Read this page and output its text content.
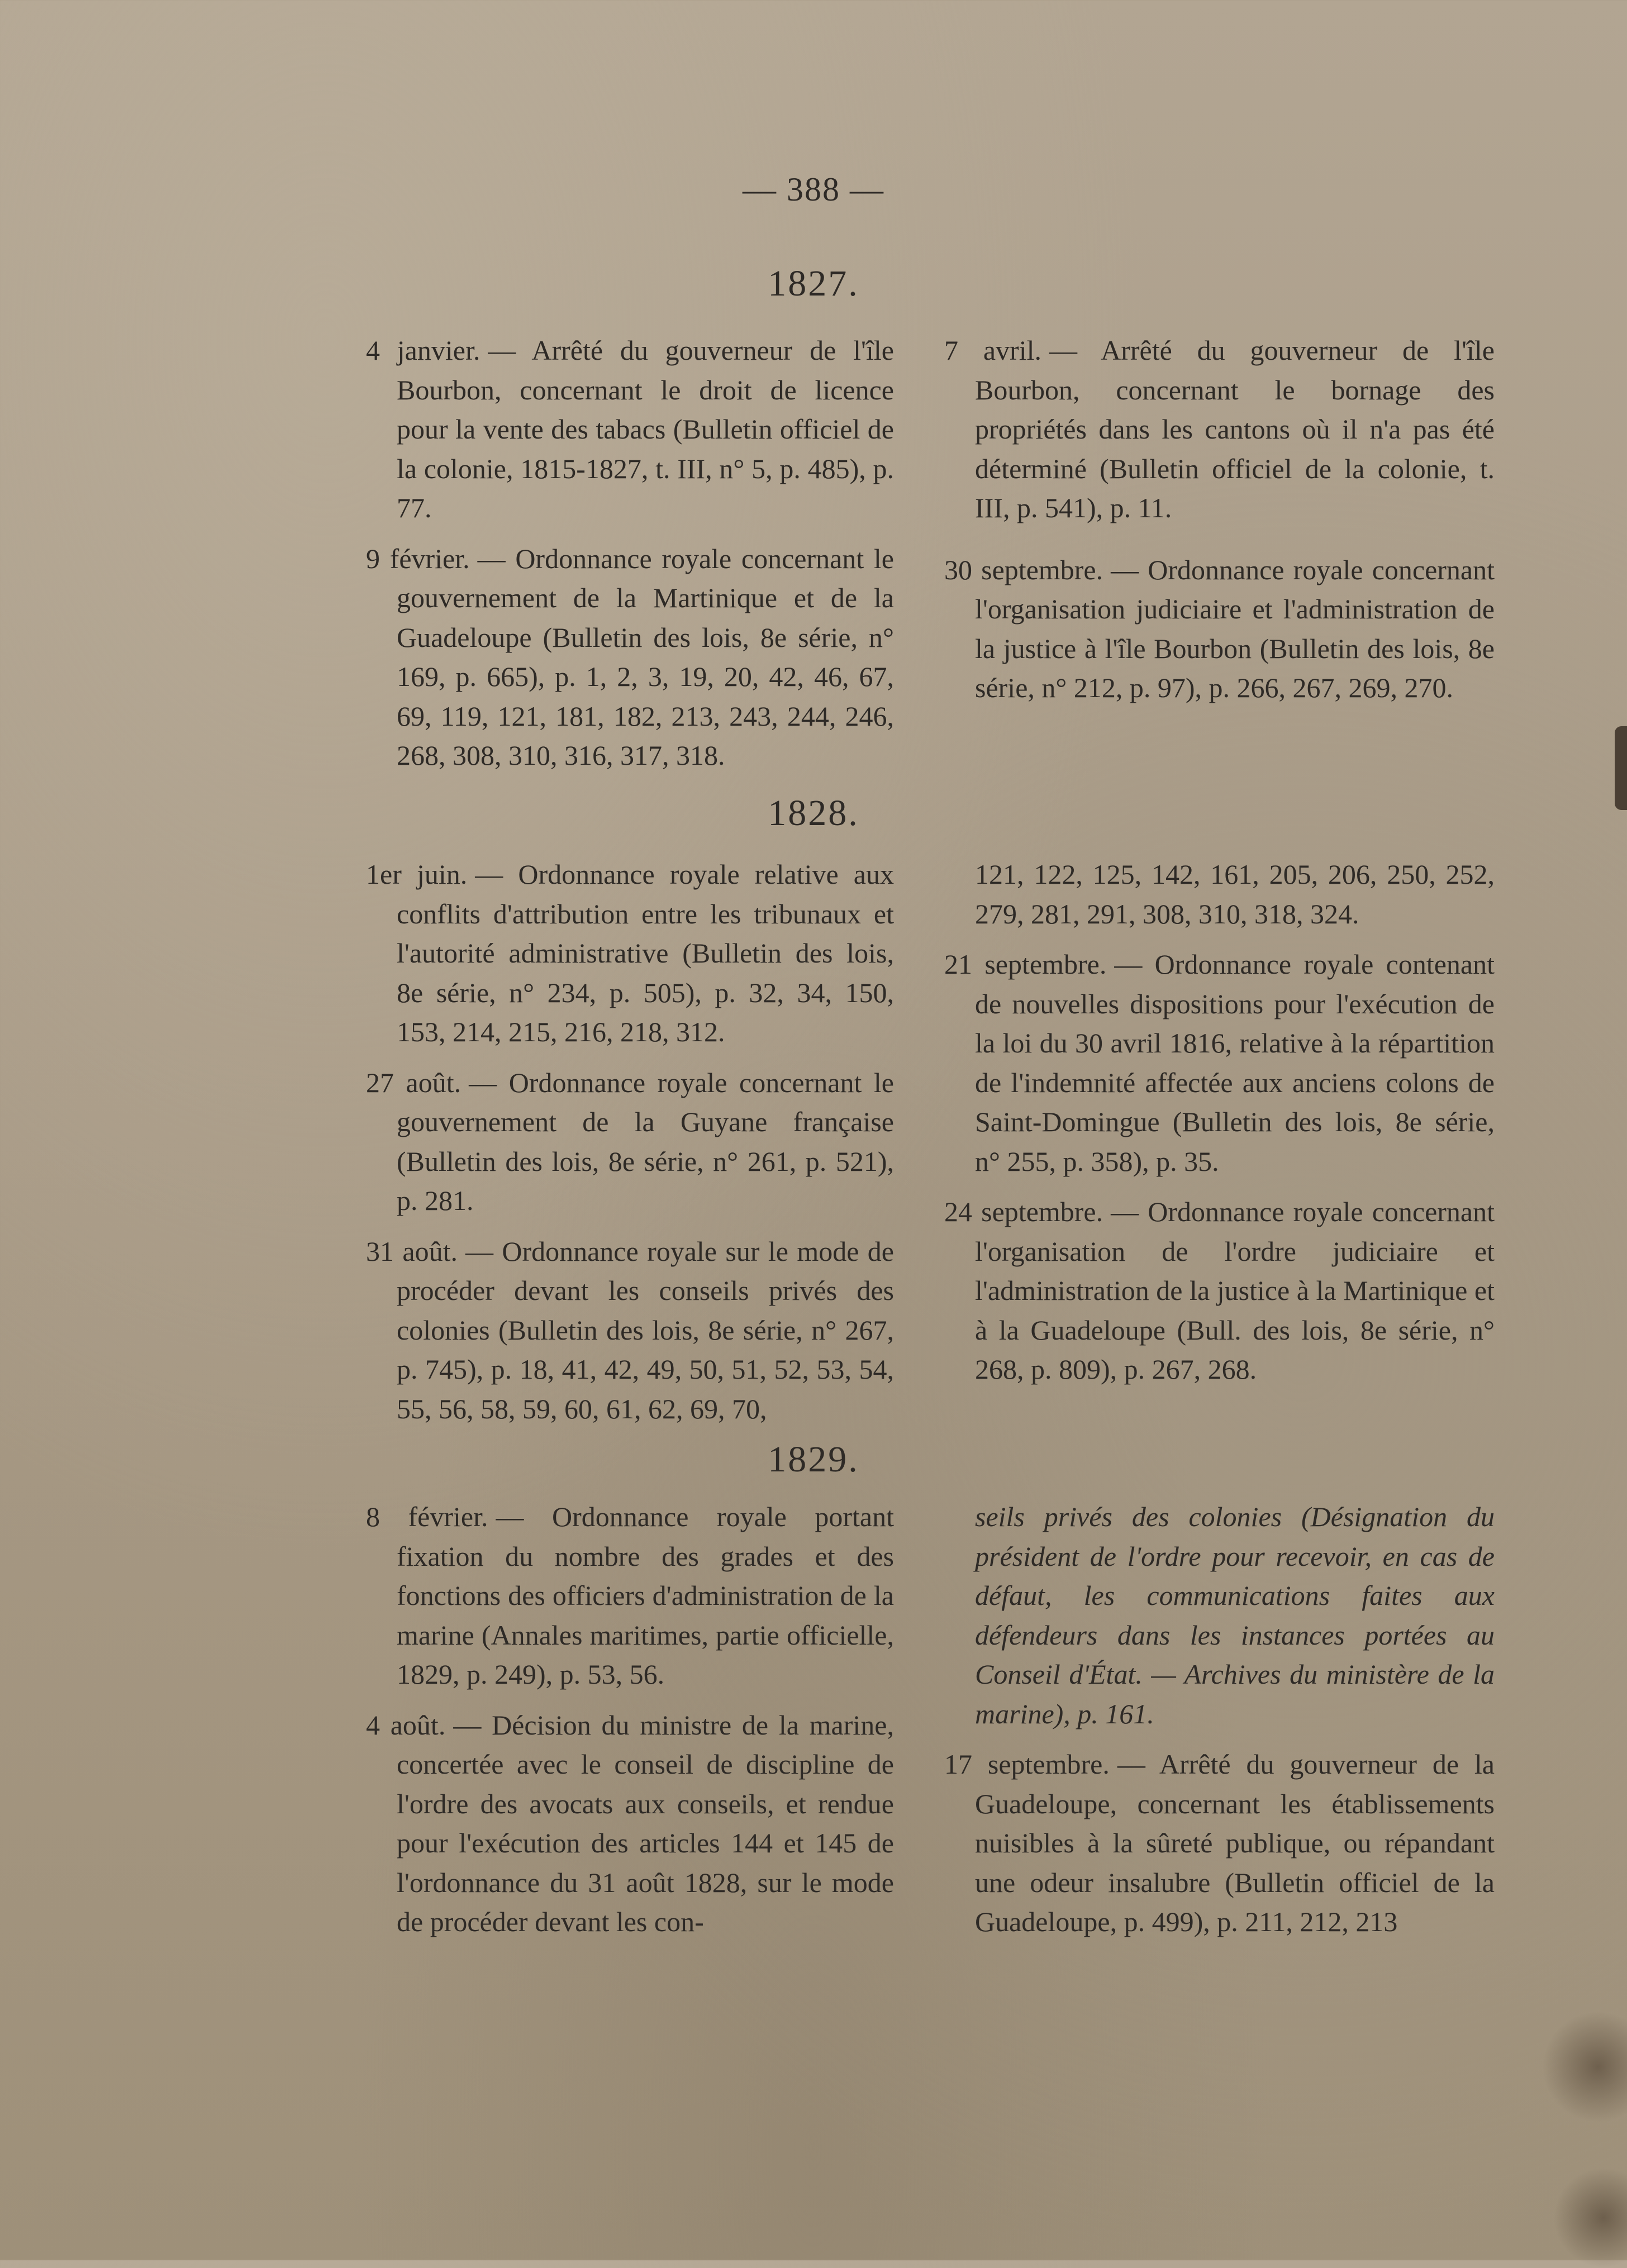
— 388 —
1827.

4 janvier. — Arrêté du gouverneur de l'île Bourbon, concernant le droit de licence pour la vente des tabacs (Bulletin officiel de la colonie, 1815-1827, t. III, n° 5, p. 485), p. 77.

9 février. — Ordonnance royale concernant le gouvernement de la Martinique et de la Guadeloupe (Bulletin des lois, 8e série, n° 169, p. 665), p. 1, 2, 3, 19, 20, 42, 46, 67, 69, 119, 121, 181, 182, 213, 243, 244, 246, 268, 308, 310, 316, 317, 318.

7 avril. — Arrêté du gouverneur de l'île Bourbon, concernant le bornage des propriétés dans les cantons où il n'a pas été déterminé (Bulletin officiel de la colonie, t. III, p. 541), p. 11.

30 septembre. — Ordonnance royale concernant l'organisation judiciaire et l'administration de la justice à l'île Bourbon (Bulletin des lois, 8e série, n° 212, p. 97), p. 266, 267, 269, 270.

1828.

1er juin. — Ordonnance royale relative aux conflits d'attribution entre les tribunaux et l'autorité administrative (Bulletin des lois, 8e série, n° 234, p. 505), p. 32, 34, 150, 153, 214, 215, 216, 218, 312.

27 août. — Ordonnance royale concernant le gouvernement de la Guyane française (Bulletin des lois, 8e série, n° 261, p. 521), p. 281.

31 août. — Ordonnance royale sur le mode de procéder devant les conseils privés des colonies (Bulletin des lois, 8e série, n° 267, p. 745), p. 18, 41, 42, 49, 50, 51, 52, 53, 54, 55, 56, 58, 59, 60, 61, 62, 69, 70,

121, 122, 125, 142, 161, 205, 206, 250, 252, 279, 281, 291, 308, 310, 318, 324.

21 septembre. — Ordonnance royale contenant de nouvelles dispositions pour l'exécution de la loi du 30 avril 1816, relative à la répartition de l'indemnité affectée aux anciens colons de Saint-Domingue (Bulletin des lois, 8e série, n° 255, p. 358), p. 35.

24 septembre. — Ordonnance royale concernant l'organisation de l'ordre judiciaire et l'administration de la justice à la Martinique et à la Guadeloupe (Bull. des lois, 8e série, n° 268, p. 809), p. 267, 268.

1829.

8 février. — Ordonnance royale portant fixation du nombre des grades et des fonctions des officiers d'administration de la marine (Annales maritimes, partie officielle, 1829, p. 249), p. 53, 56.

4 août. — Décision du ministre de la marine, concertée avec le conseil de discipline de l'ordre des avocats aux conseils, et rendue pour l'exécution des articles 144 et 145 de l'ordonnance du 31 août 1828, sur le mode de procéder devant les con-

seils privés des colonies (Désignation du président de l'ordre pour recevoir, en cas de défaut, les communications faites aux défendeurs dans les instances portées au Conseil d'État. — Archives du ministère de la marine), p. 161.

17 septembre. — Arrêté du gouverneur de la Guadeloupe, concernant les établissements nuisibles à la sûreté publique, ou répandant une odeur insalubre (Bulletin officiel de la Guadeloupe, p. 499), p. 211, 212, 213
